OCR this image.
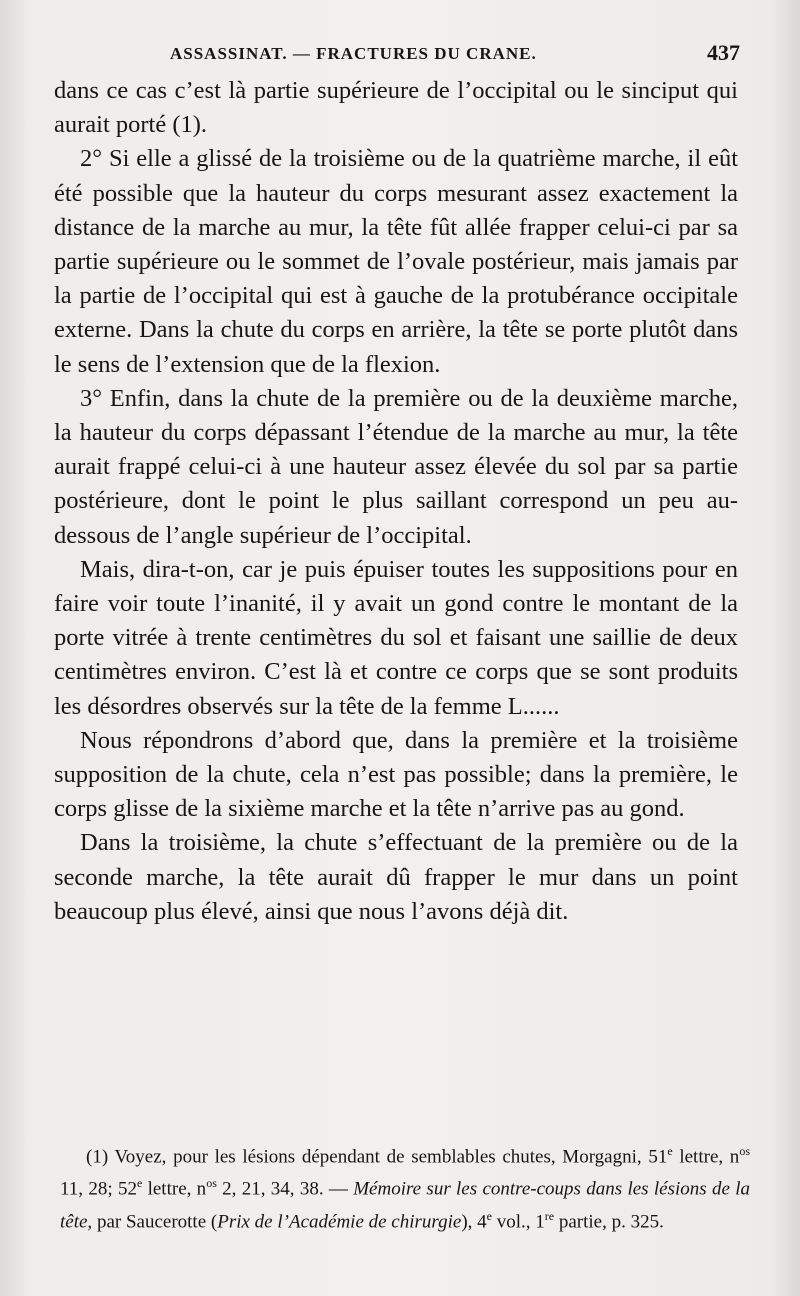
ASSASSINAT. — FRACTURES DU CRANE.	437

dans ce cas c’est là partie supérieure de l’occipital ou le sinciput qui aurait porté (1).

2° Si elle a glissé de la troisième ou de la quatrième marche, il eût été possible que la hauteur du corps mesurant assez exactement la distance de la marche au mur, la tête fût allée frapper celui-ci par sa partie supérieure ou le sommet de l’ovale postérieur, mais jamais par la partie de l’occipital qui est à gauche de la protubérance occipitale externe. Dans la chute du corps en arrière, la tête se porte plutôt dans le sens de l’extension que de la flexion.

3° Enfin, dans la chute de la première ou de la deuxième marche, la hauteur du corps dépassant l’étendue de la marche au mur, la tête aurait frappé celui-ci à une hauteur assez élevée du sol par sa partie postérieure, dont le point le plus saillant correspond un peu au-dessous de l’angle supérieur de l’occipital.

Mais, dira-t-on, car je puis épuiser toutes les suppositions pour en faire voir toute l’inanité, il y avait un gond contre le montant de la porte vitrée à trente centimètres du sol et faisant une saillie de deux centimètres environ. C’est là et contre ce corps que se sont produits les désordres observés sur la tête de la femme L......

Nous répondrons d’abord que, dans la première et la troisième supposition de la chute, cela n’est pas possible; dans la première, le corps glisse de la sixième marche et la tête n’arrive pas au gond.

Dans la troisième, la chute s’effectuant de la première ou de la seconde marche, la tête aurait dû frapper le mur dans un point beaucoup plus élevé, ainsi que nous l’avons déjà dit.

(1) Voyez, pour les lésions dépendant de semblables chutes, Morgagni, 51e lettre, $n^{os}$ 11, 28; 52e lettre, $n^{os}$ 2, 21, 34, 38. — Mémoire sur les contre-coups dans les lésions de la tête, par Saucerotte (Prix de l’Académie de chirurgie), 4e vol., 1re partie, p. 325.
